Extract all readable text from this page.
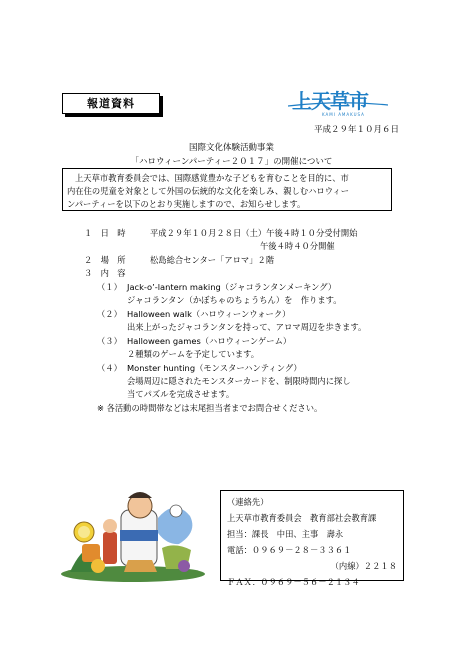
報道資料	上天草市
KAMI AMAKUSA
平成２９年１０月６日
国際文化体験活動事業
「ハロウィーンパーティー２０１７」の開催について
上天草市教育委員会では、国際感覚豊かな子どもを育むことを目的に、市
内在住の児童を対象として外国の伝統的な文化を楽しみ、親しむハロウィー
ンパーティーを以下のとおり実施しますので、お知らせします。
１　日　時	平成２９年１０月２８日（土）午後４時１０分受付開始
午後４時４０分開催
２　場　所	松島総合センター「アロマ」２階
３　内　容
（１） Jack-o’-lantern making（ジャコランタンメーキング）
ジャコランタン（かぼちゃのちょうちん）を　作ります。
（２） Halloween walk（ハロウィーンウォーク）
出来上がったジャコランタンを持って、アロマ周辺を歩きます。
（３） Halloween games（ハロウィーンゲーム）
２種類のゲームを予定しています。
（４） Monster hunting（モンスターハンティング）
会場周辺に隠されたモンスターカードを、制限時間内に探し
当てパズルを完成させます。
※ 各活動の時間帯などは末尾担当者までお問合せください。
（連絡先）
上天草市教育委員会　教育部社会教育課
担当：課長　中田、主事　壽永
電話：０９６９－２８－３３６１
（内線）２２１８
ＦＡＸ：０９６９－５６－２１３４
